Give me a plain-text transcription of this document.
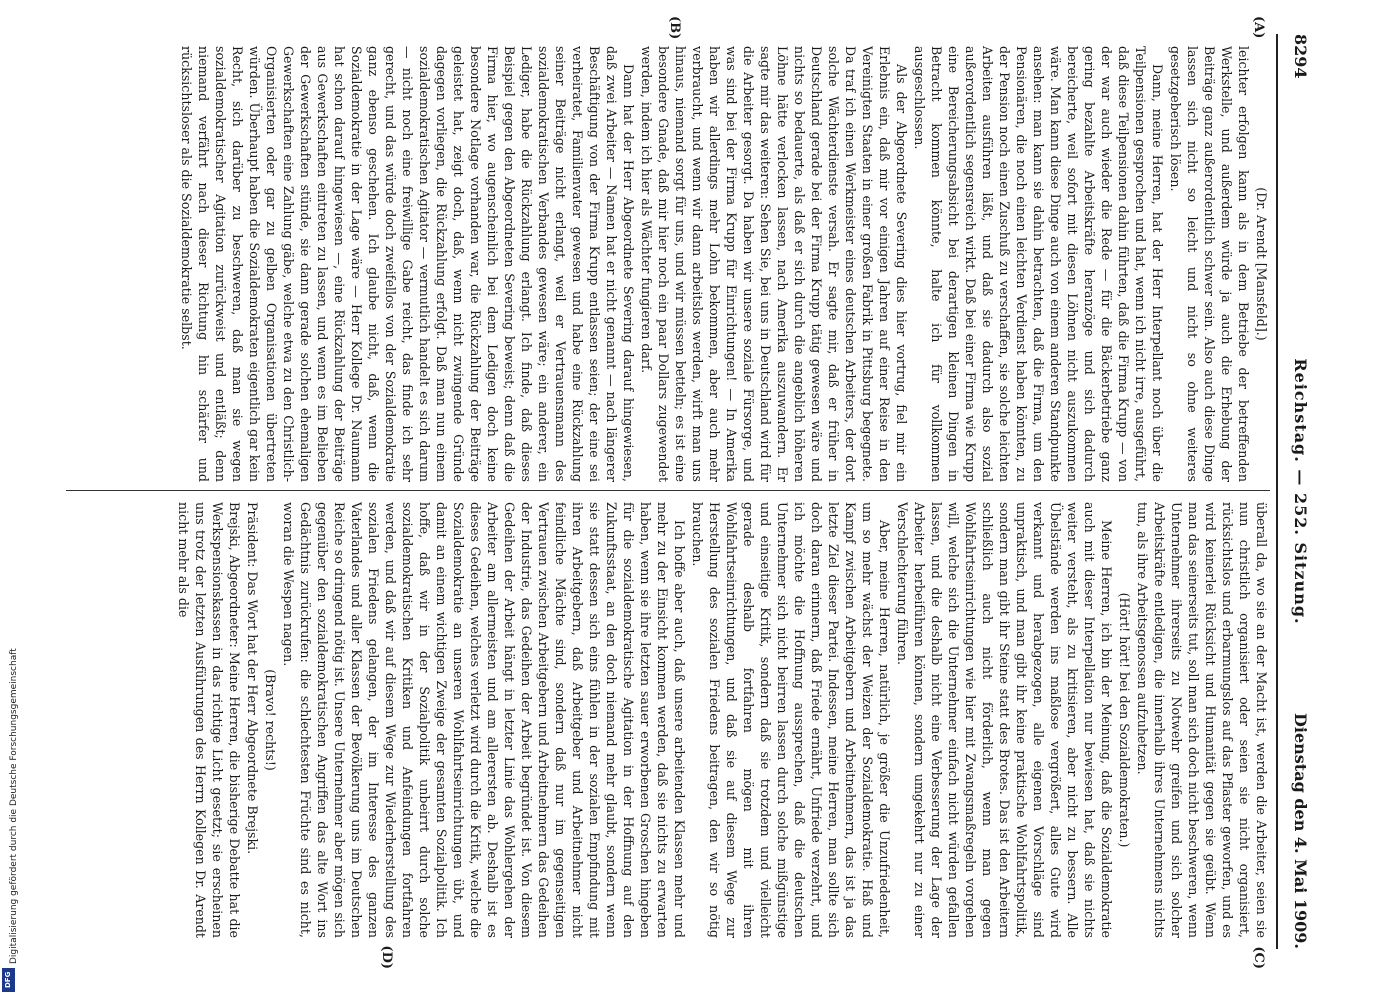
8294
Reichstag. — 252. Sitzung.
Dienstag den 4. Mai 1909.
(A)
(B)
(C)
(D)

(Dr. Arendt [Mansfeld].)

leichter erfolgen kann als in dem Betriebe der betreffenden Werkstelle, und außerdem würde ja auch die Erhebung der Beiträge ganz außerordentlich schwer sein. Also auch diese Dinge lassen sich nicht so leicht und nicht so ohne weiteres gesetzgeberisch lösen.

Dann, meine Herren, hat der Herr Interpellant noch über die Teilpensionen gesprochen und hat, wenn ich nicht irre, ausgeführt, daß diese Teilpensionen dahin führten, daß die Firma Krupp — von der war auch wieder die Rede — für die Bäckerbetriebe ganz gering bezahlte Arbeitskräfte heranzöge und sich dadurch bereicherte, weil sofort mit diesen Löhnen nicht auszukommen wäre. Man kann diese Dinge auch von einem anderen Standpunkte ansehen: man kann sie dahin betrachten, daß die Firma, um den Pensionären, die noch einen leichten Verdienst haben könnten, zu der Pension noch einen Zuschuß zu verschaffen, sie solche leichten Arbeiten ausführen läßt, und daß sie dadurch also sozial außerordentlich segensreich wirkt. Daß bei einer Firma wie Krupp eine Bereicherungsabsicht bei derartigen kleinen Dingen in Betracht kommen könnte, halte ich für vollkommen ausgeschlossen.

Als der Abgeordnete Severing dies hier vortrug, fiel mir ein Erlebnis ein, daß mir vor einigen Jahren auf einer Reise in den Vereinigten Staaten in einer großen Fabrik in Pittsburg begegnete. Da traf ich einen Werkmeister eines deutschen Arbeiters, der dort solche Wächterdienste versah. Er sagte mir, daß er früher in Deutschland gerade bei der Firma Krupp tätig gewesen wäre und nichts so bedauerte, als daß er sich durch die angeblich höheren Löhne hätte verlocken lassen, nach Amerika auszuwandern. Er sagte mir das weiteren: Sehen Sie, bei uns in Deutschland wird für die Arbeiter gesorgt. Da haben wir unsere soziale Fürsorge, und was sind bei der Firma Krupp für Einrichtungen! — In Amerika haben wir allerdings mehr Lohn bekommen, aber auch mehr verbraucht, und wenn wir dann arbeitslos werden, wirft man uns hinaus, niemand sorgt für uns, und wir müssen betteln; es ist eine besondere Gnade, daß mir hier noch ein paar Dollars zugewendet werden, indem ich hier als Wächter fungieren darf.

Dann hat der Herr Abgeordnete Severing darauf hingewiesen, daß zwei Arbeiter — Namen hat er nicht genannt — nach längerer Beschäftigung von der Firma Krupp entlassen seien; der eine sei verheiratet, Familienvater gewesen und habe eine Rückzahlung seiner Beiträge nicht erlangt, weil er Vertrauensmann des sozialdemokratischen Verbandes gewesen wäre; ein anderer, ein Lediger, habe die Rückzahlung erlangt. Ich finde, daß dieses Beispiel gegen den Abgeordneten Severing beweist; denn daß die Firma hier, wo augenscheinlich bei dem Ledigen doch keine besondere Notlage vorhanden war, die Rückzahlung der Beiträge geleistet hat, zeigt doch, daß, wenn nicht zwingende Gründe dagegen vorliegen, die Rückzahlung erfolgt. Daß man nun einem sozialdemokratischen Agitator — vermutlich handelt es sich darum — nicht noch eine freiwillige Gabe reicht, das finde ich sehr gerecht, und das würde doch zweifellos von der Sozialdemokratie ganz ebenso geschehen. Ich glaube nicht, daß, wenn die Sozialdemokratie in der Lage wäre — Herr Kollege Dr. Naumann hat schon darauf hingewiesen —, eine Rückzahlung der Beiträge aus Gewerkschaften eintreten zu lassen, und wenn es im Belieben der Gewerkschaften stünde, sie dann gerade solchen ehemaligen Gewerkschaften eine Zahlung gäbe, welche etwa zu den Christlich-Organisierten oder gar zu gelben Organisationen übertreten würden. Überhaupt haben die Sozialdemokraten eigentlich gar kein Recht, sich darüber zu beschweren, daß man sie wegen sozialdemokratischer Agitation zurückweist und entläßt; denn niemand verfährt nach dieser Richtung hin schärfer und rücksichtsloser als die Sozialdemokratie selbst.

überall da, wo sie an der Macht ist, werden die Arbeiter, seien sie nun christlich organisiert oder seien sie nicht organisiert, rücksichtslos und erbarmungslos auf das Pflaster geworfen, und es wird keinerlei Rücksicht und Humanität gegen sie geübt. Wenn man das seinerseits tut, soll man sich doch nicht beschweren, wenn Unternehmer ihrerseits zu Notwehr greifen und sich solcher Arbeitskräfte entledigen, die innerhalb ihres Unternehmens nichts tun, als ihre Arbeitsgenossen aufzuhetzen.

(Hört! hört! bei den Sozialdemokraten.)

Meine Herren, ich bin der Meinung, daß die Sozialdemokratie auch mit dieser Interpellation nur bewiesen hat, daß sie nichts weiter versteht, als zu kritisieren, aber nicht zu bessern. Alle Übelstände werden ins maßlose vergrößert, alles Gute wird verkannt und herabgezogen, alle eigenen Vorschläge sind unpraktisch, und man gibt ihr keine praktische Wohlfahrtspolitik, sondern man gibt ihr Steine statt des Brotes. Das ist den Arbeitern schließlich auch nicht förderlich, wenn man gegen Wohlfahrtseinrichtungen wie hier mit Zwangsmaßregeln vorgehen will, welche sich die Unternehmer einfach nicht würden gefallen lassen, und die deshalb nicht eine Verbesserung der Lage der Arbeiter herbeiführen können, sondern umgekehrt nur zu einer Verschlechterung führen.

Aber, meine Herren, natürlich, je größer die Unzufriedenheit, um so mehr wächst der Weizen der Sozialdemokratie. Haß und Kampf zwischen Arbeitgebern und Arbeitnehmern, das ist ja das letzte Ziel dieser Partei. Indessen, meine Herren, man sollte sich doch daran erinnern, daß Friede ernährt, Unfriede verzehrt, und ich möchte die Hoffnung aussprechen, daß die deutschen Unternehmer sich nicht beirren lassen durch solche mißgünstige und einseitige Kritik, sondern daß sie trotzdem und vielleicht gerade deshalb fortfahren mögen mit ihren Wohlfahrtseinrichtungen, und daß sie auf diesem Wege zur Herstellung des sozialen Friedens beitragen, den wir so nötig brauchen.

Ich hoffe aber auch, daß unsere arbeitenden Klassen mehr und mehr zu der Einsicht kommen werden, daß sie nichts zu erwarten haben, wenn sie ihre letzten sauer erworbenen Groschen hingeben für die sozialdemokratische Agitation in der Hoffnung auf den Zukunftsstaat, an den doch niemand mehr glaubt, sondern wenn sie statt dessen sich eins fühlen in der sozialen Empfindung mit ihren Arbeitgebern, daß Arbeitgeber und Arbeitnehmer nicht feindliche Mächte sind, sondern daß nur im gegenseitigen Vertrauen zwischen Arbeitgebern und Arbeitnehmern das Gedeihen der Industrie, das Gedeihen der Arbeit begründet ist. Von diesem Gedeihen der Arbeit hängt in letzter Linie das Wohlergehen der Arbeiter am allermeisten und am allerersten ab. Deshalb ist es dieses Gedeihen, welches verletzt wird durch die Kritik, welche die Sozialdemokratie an unseren Wohlfahrtseinrichtungen übt, und damit an einem wichtigen Zweige der gesamten Sozialpolitik. Ich hoffe, daß wir in der Sozialpolitik unbeirrt durch solche sozialdemokratischen Kritiken und Anfeindungen fortfahren werden, und daß wir auf diesem Wege zur Wiederherstellung des sozialen Friedens gelangen, der im Interesse des ganzen Vaterlandes und aller Klassen der Bevölkerung uns im Deutschen Reiche so dringend nötig ist. Unsere Unternehmer aber mögen sich gegenüber den sozialdemokratischen Angriffen das alte Wort ins Gedächtnis zurückrufen: die schlechtesten Früchte sind es nicht, woran die Wespen nagen.

(Bravo! rechts!)

Präsident: Das Wort hat der Herr Abgeordnete Brejski.

Brejski, Abgeordneter: Meine Herren, die bisherige Debatte hat die Werkspensionskassen in das richtige Licht gesetzt; sie erscheinen uns trotz der letzten Ausführungen des Herrn Kollegen Dr. Arendt nicht mehr als die

Digitalisierung gefördert durch die Deutsche Forschungsgemeinschaft
DFG
